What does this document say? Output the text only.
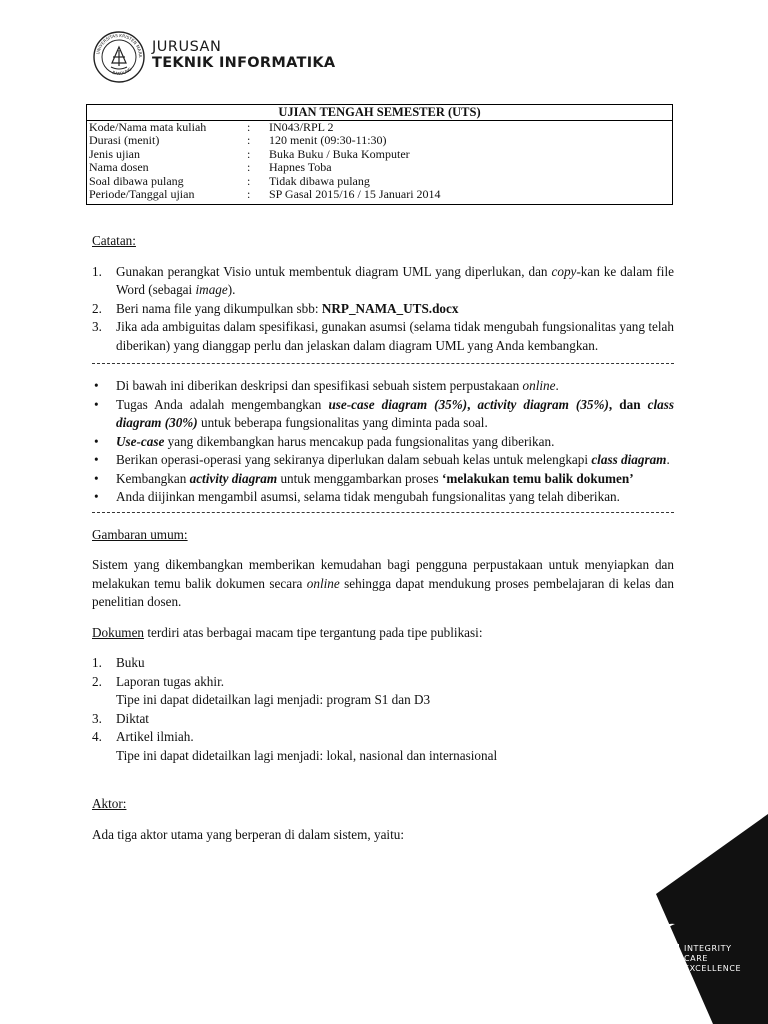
UNIVERSITAS KRISTEN MARA
BANDUNG
JURUSAN
TEKNIK INFORMATIKA
UJIAN TENGAH SEMESTER (UTS)		
Kode/Nama mata kuliah	:	IN043/RPL 2
Durasi (menit)	:	120 menit (09:30-11:30)
Jenis ujian	:	Buka Buku / Buka Komputer
Nama dosen	:	Hapnes Toba
Soal dibawa pulang	:	Tidak dibawa pulang
Periode/Tanggal ujian	:	SP Gasal 2015/16 / 15 Januari 2014

Catatan:

1. Gunakan perangkat Visio untuk membentuk diagram UML yang diperlukan, dan copy-kan ke dalam file Word (sebagai image).
2. Beri nama file yang dikumpulkan sbb: NRP_NAMA_UTS.docx
3. Jika ada ambiguitas dalam spesifikasi, gunakan asumsi (selama tidak mengubah fungsionalitas yang telah diberikan) yang dianggap perlu dan jelaskan dalam diagram UML yang Anda kembangkan.
• Di bawah ini diberikan deskripsi dan spesifikasi sebuah sistem perpustakaan online.
• Tugas Anda adalah mengembangkan use-case diagram (35%), activity diagram (35%), dan class diagram (30%) untuk beberapa fungsionalitas yang diminta pada soal.
• Use-case yang dikembangkan harus mencakup pada fungsionalitas yang diberikan.
• Berikan operasi-operasi yang sekiranya diperlukan dalam sebuah kelas untuk melengkapi class diagram.
• Kembangkan activity diagram untuk menggambarkan proses ‘melakukan temu balik dokumen’
• Anda diijinkan mengambil asumsi, selama tidak mengubah fungsionalitas yang telah diberikan.

Gambaran umum:

Sistem yang dikembangkan memberikan kemudahan bagi pengguna perpustakaan untuk menyiapkan dan melakukan temu balik dokumen secara online sehingga dapat mendukung proses pembelajaran di kelas dan penelitian dosen.

Dokumen terdiri atas berbagai macam tipe tergantung pada tipe publikasi:

1. Buku
2. Laporan tugas akhir.
Tipe ini dapat didetailkan lagi menjadi: program S1 dan D3
3. Diktat
4. Artikel ilmiah.
Tipe ini dapat didetailkan lagi menjadi: lokal, nasional dan internasional

Aktor:

Ada tiga aktor utama yang berperan di dalam sistem, yaitu:

mcu	INTEGRITY
CARE
EXCELLENCE
MARANATHA CHRISTIAN UNIVERSITY
